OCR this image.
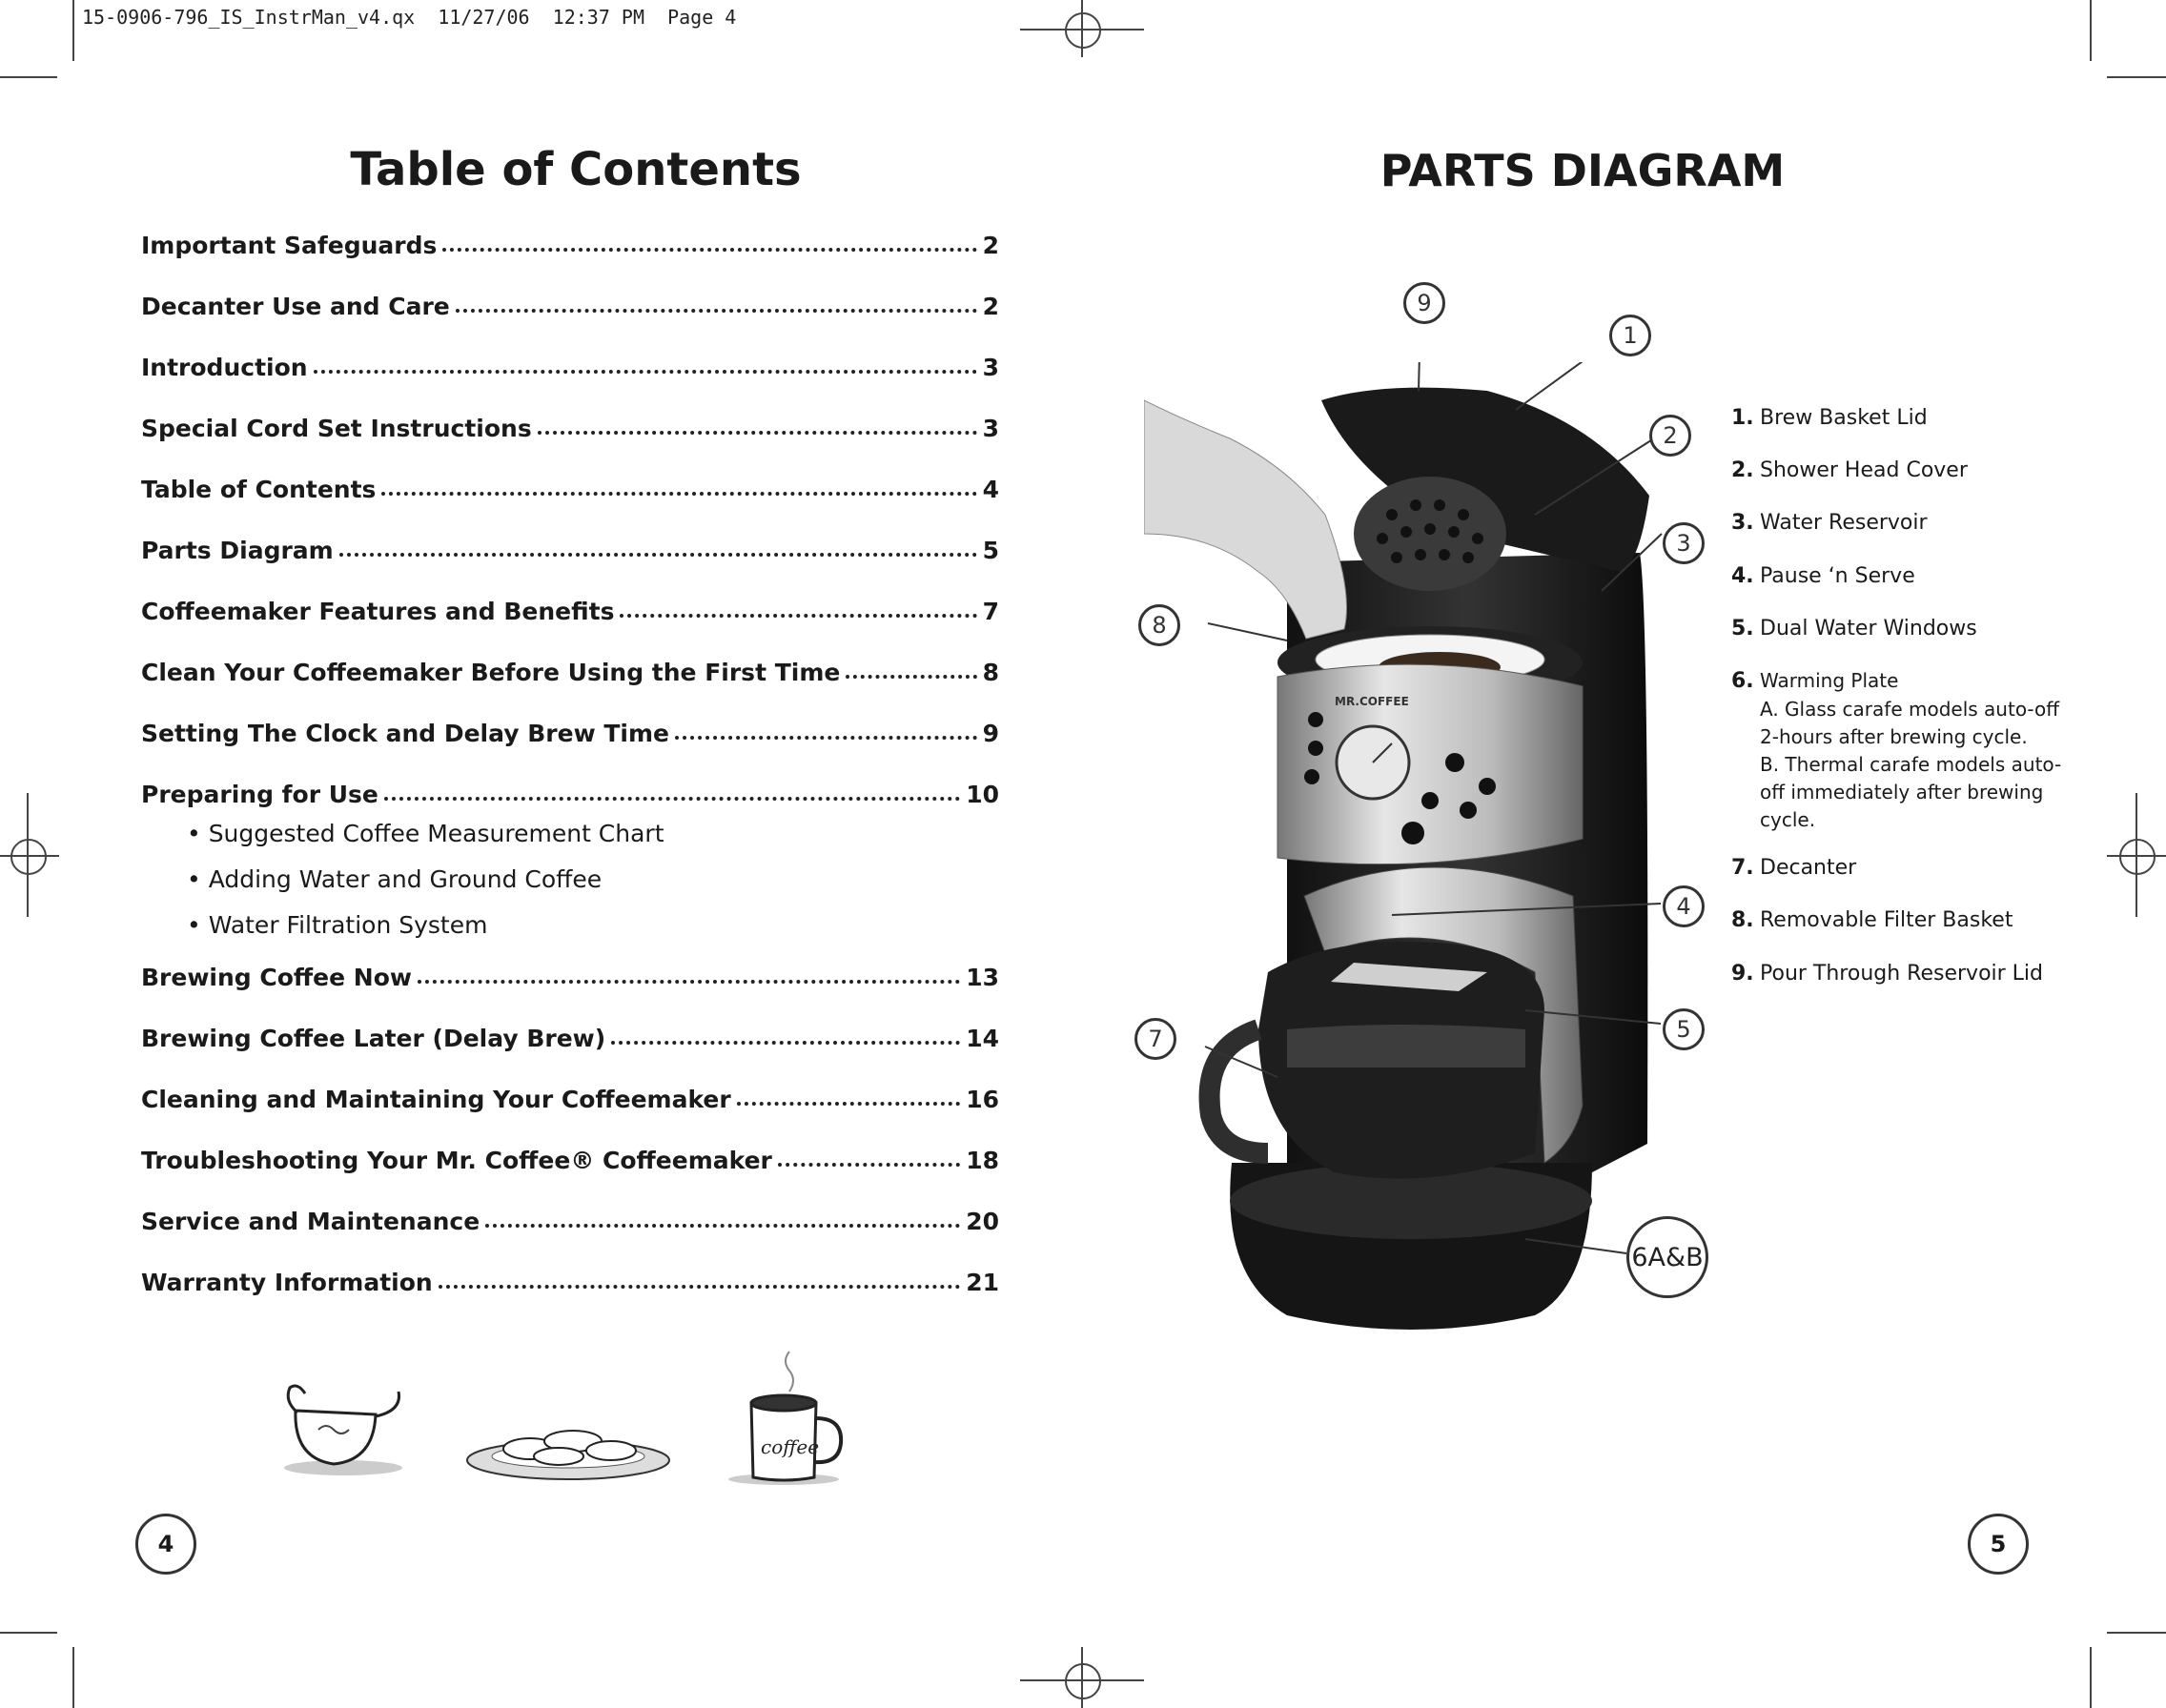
15-0906-796_IS_InstrMan_v4.qx  11/27/06  12:37 PM  Page 4
Table of Contents
Important Safeguards	2
Decanter Use and Care	2
Introduction	3
Special Cord Set Instructions	3
Table of Contents	4
Parts Diagram	5
Coffeemaker Features and Benefits	7
Clean Your Coffeemaker Before Using the First Time	8
Setting The Clock and Delay Brew Time	9
Preparing for Use	10
• Suggested Coffee Measurement Chart
• Adding Water and Ground Coffee
• Water Filtration System
Brewing Coffee Now	13
Brewing Coffee Later (Delay Brew)	14
Cleaning and Maintaining Your Coffeemaker	16
Troubleshooting Your Mr. Coffee® Coffeemaker	18
Service and Maintenance	20
Warranty Information	21
coffee
4
PARTS DIAGRAM
MR.COFFEE
9
1
2
3
8
4
7	5
6A&B
1. Brew Basket Lid
2. Shower Head Cover
3. Water Reservoir
4. Pause ‘n Serve
5. Dual Water Windows
6. Warming Plate
A. Glass carafe models auto-off
2-hours after brewing cycle.
B. Thermal carafe models auto-
off immediately after brewing
cycle.
7. Decanter
8. Removable Filter Basket
9. Pour Through Reservoir Lid
5
